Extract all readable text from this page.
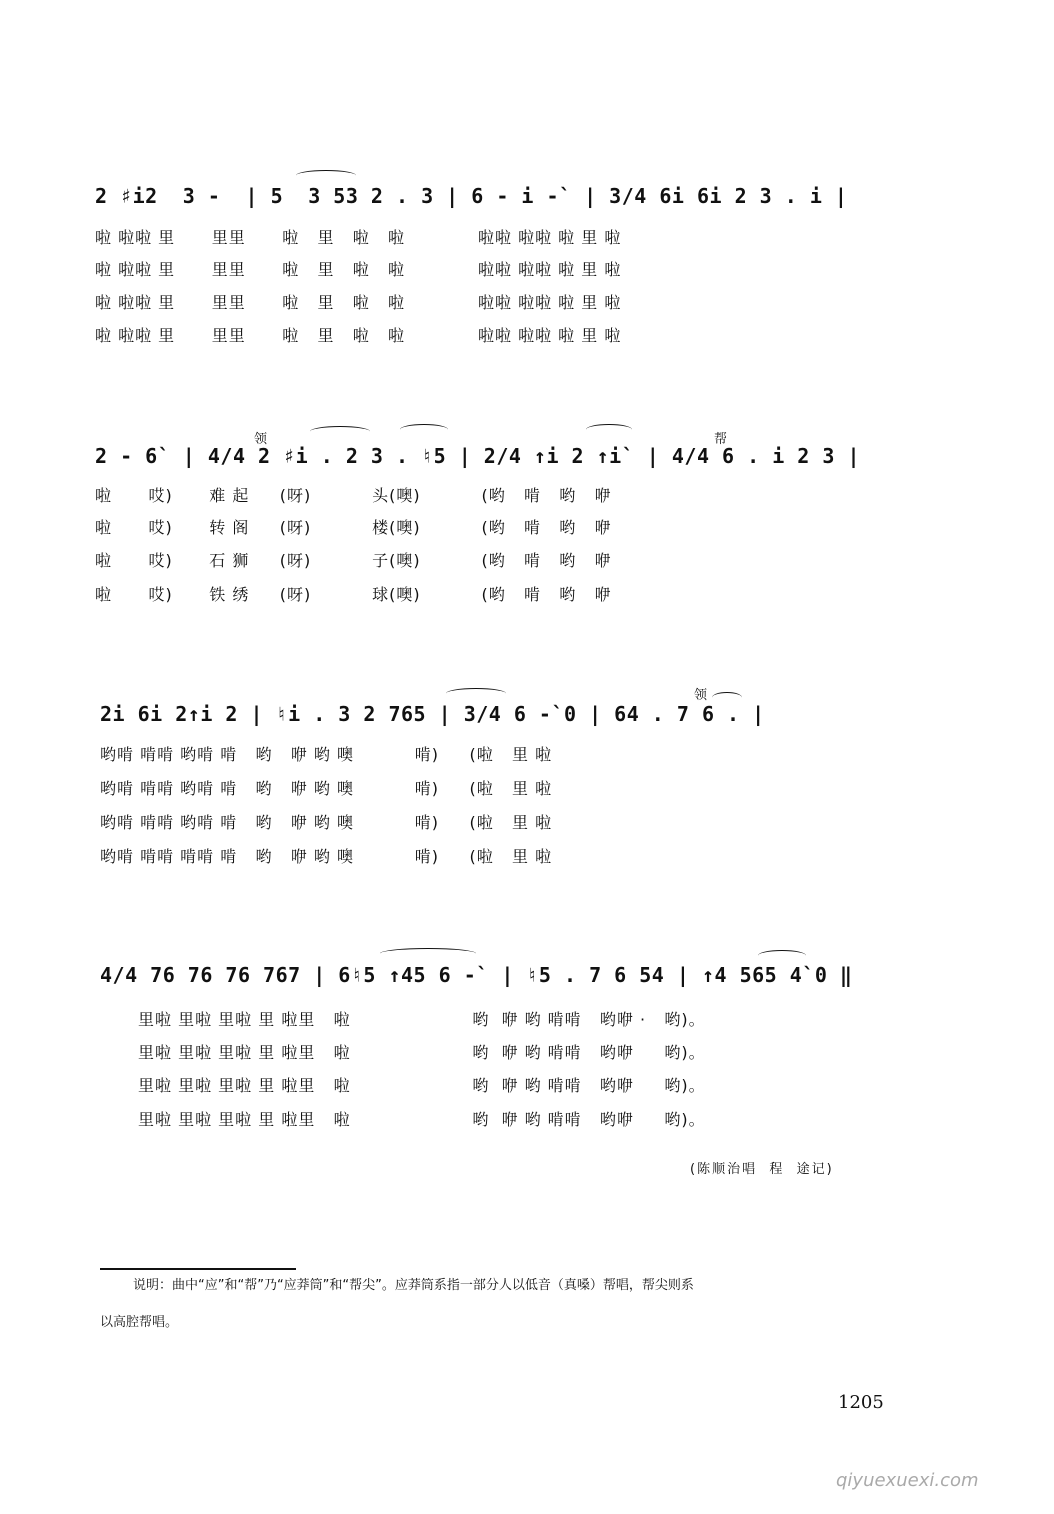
2 ♯i2  3 -  | 5  3 53 2 . 3 | 6 - i -` | 3/4 6i 6i 2 3 . i |
啦 啦啦 里      里里      啦   里   啦   啦            啦啦 啦啦 啦 里 啦
啦 啦啦 里      里里      啦   里   啦   啦            啦啦 啦啦 啦 里 啦
啦 啦啦 里      里里      啦   里   啦   啦            啦啦 啦啦 啦 里 啦
啦 啦啦 里      里里      啦   里   啦   啦            啦啦 啦啦 啦 里 啦
领	帮
2 - 6` | 4/4 2 ♯i . 2 3 . ♮5 | 2/4 ↑i 2 ↑i` | 4/4 6 . i 2 3 |
啦      哎)      难 起     (呀)          头(噢)          (哟   啃   哟   咿
啦      哎)      转 阁     (呀)          楼(噢)          (哟   啃   哟   咿
啦      哎)      石 狮     (呀)          子(噢)          (哟   啃   哟   咿
啦      哎)      铁 绣     (呀)          球(噢)          (哟   啃   哟   咿
领
2i 6i 2↑i 2 | ♮i . 3 2 765 | 3/4 6 -`0 | 64 . 7 6 . |
哟啃 啃啃 哟啃 啃   哟   咿 哟 噢          啃)     (啦   里 啦
哟啃 啃啃 哟啃 啃   哟   咿 哟 噢          啃)     (啦   里 啦
哟啃 啃啃 哟啃 啃   哟   咿 哟 噢          啃)     (啦   里 啦
哟啃 啃啃 啃啃 啃   哟   咿 哟 噢          啃)     (啦   里 啦
4/4 76 76 76 767 | 6♮5 ↑45 6 -` | ♮5 . 7 6 54 | ↑4 565 4`0 ‖
里啦 里啦 里啦 里 啦里   啦                    哟  咿 哟 啃啃   哟咿 ·   哟)。
里啦 里啦 里啦 里 啦里   啦                    哟  咿 哟 啃啃   哟咿     哟)。
里啦 里啦 里啦 里 啦里   啦                    哟  咿 哟 啃啃   哟咿     哟)。
里啦 里啦 里啦 里 啦里   啦                    哟  咿 哟 啃啃   哟咿     哟)。
(陈顺治唱  程  途记)
说明：曲中“应”和“帮”乃“应莽筒”和“帮尖”。应莽筒系指一部分人以低音（真嗓）帮唱，帮尖则系
以高腔帮唱。
1205
qiyuexuexi.com
